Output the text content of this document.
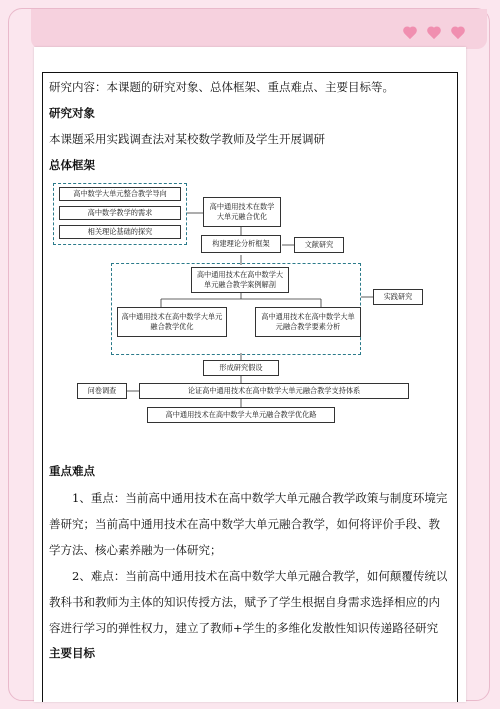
研究内容：本课题的研究对象、总体框架、重点难点、主要目标等。
研究对象
本课题采用实践调查法对某校数学教师及学生开展调研
总体框架
高中数学大单元整合教学导向
高中数学教学的需求
相关理论基础的探究
高中通用技术在数学大单元融合优化
构建理论分析框架	文献研究
高中通用技术在高中数学大单元融合教学案例解剖
实践研究
高中通用技术在高中数学大单元融合教学优化
高中通用技术在高中数学大单元融合教学要素分析
形成研究假设
问卷调查	论证高中通用技术在高中数学大单元融合教学支持体系
高中通用技术在高中数学大单元融合教学优化路
重点难点
1、重点：当前高中通用技术在高中数学大单元融合教学政策与制度环境完善研究；当前高中通用技术在高中数学大单元融合教学，如何将评价手段、教学方法、核心素养融为一体研究；
2、难点：当前高中通用技术在高中数学大单元融合教学，如何颠覆传统以教科书和教师为主体的知识传授方法，赋予了学生根据自身需求选择相应的内容进行学习的弹性权力，建立了教师+学生的多维化发散性知识传递路径研究
主要目标
